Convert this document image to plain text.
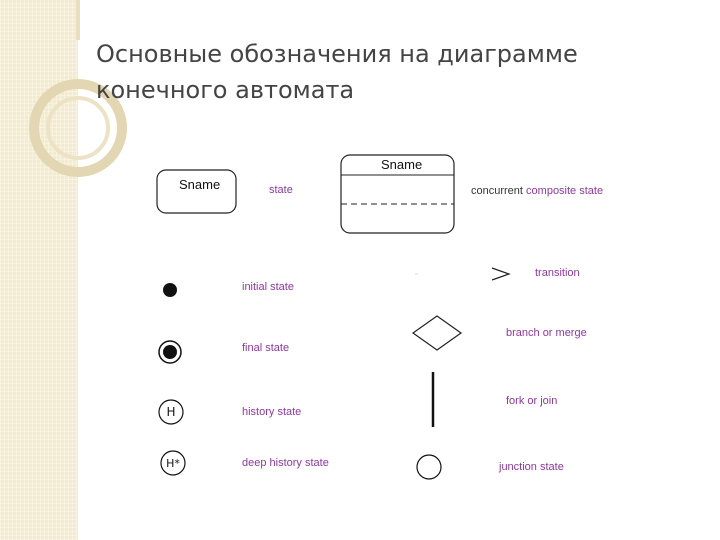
Основные обозначения на диаграмме
конечного автомата
Sname	state
Sname
concurrent composite state
initial state
final state
H	history state
H*	deep history state
transition
branch or merge
fork or join
junction state
